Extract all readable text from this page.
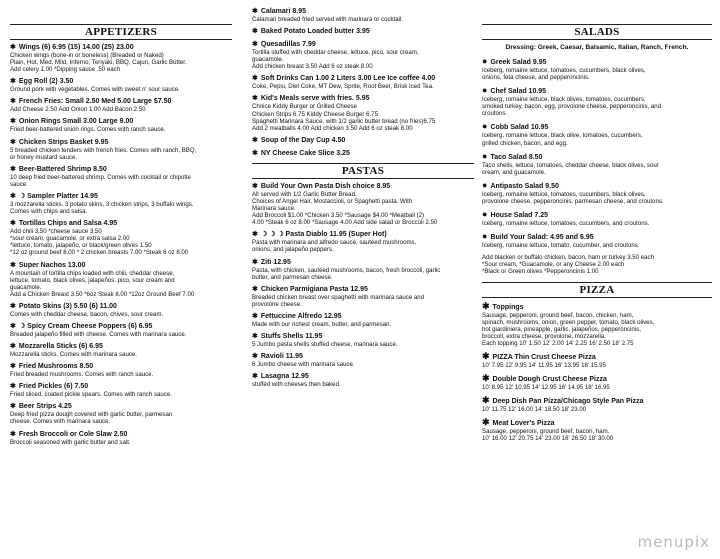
APPETIZERS
✱ Wings (6) 6.95 (15) 14.00 (25) 23.00
Chicken wings (bone-in or boneless) (Breaded or Naked)
Plain, Hot, Med, Mild, Inferno, Teriyaki, BBQ, Cajun, Garlic Butter.
Add celery 1.00 *Dipping sauce .50 each
✱ Egg Roll (2) 3.50
Ground pork with vegetables. Comes with sweet n' sour sauce.
✱ French Fries: Small 2.50 Med 5.00 Large $7.50
Add Cheese 2.50 Add Onion 1.00 Add Bacon 2.50
✱ Onion Rings Small 3.00 Large 9.00
Fried beer-battered onion rings. Comes with ranch sauce.
✱ Chicken Strips Basket 9.95
5 breaded chicken tenders with french fries. Comes with ranch, BBQ,
or honey mustard sauce.
✱ Beer-Battered Shrimp 8.50
10 deep fried beer-battered shrimp. Comes with cocktail or chipotle
sauce.
✱ ☽ Sampler Platter 14.95
3 mozzarella sticks, 3 potato skins, 3 chicken strips, 3 buffalo wings.
Comes with chips and salsa.
✱ Tortillas Chips and Salsa 4.95
Add chili 3.50 *cheese sauce 3.50
*sour cream, guacamole, or extra salsa 2.00
*lettuce, tomato, jalapeño, or black/green olives 1.50
*12 oz ground beef 8.00 * 2 chicken breasts 7.00 *Steak 6 oz 8.00
✱ Super Nachos 13.00
A mountain of tortilla chips loaded with chili, cheddar cheese,
lettuce, tomato, black olives, jalapeños, pico, sour cream and
guacamole.
Add a Chicken Breast 3.50 *6oz Steak 8.00 *12oz Ground Beef 7.00
✱ Potato Skins (3) 5.50 (6) 11.00
Comes with cheddar cheese, bacon, chives, sour cream.
✱ ☽ Spicy Cream Cheese Poppers (6) 6.95
Breaded jalapeño filled with cheese. Comes with marinara sauce.
✱ Mozzarella Sticks (6) 6.95
Mozzarella sticks. Comes with marinara sauce.
✱ Fried Mushrooms 8.50
Fried breaded mushrooms. Comes with ranch sauce.
✱ Fried Pickles (6) 7.50
Fried sliced, coated pickle spears. Comes with ranch sauce.
✱ Beer Strips 4.25
Deep fried pizza dough covered with garlic butter, parmesan
cheese. Comes with marinara sauce.
✱ Fresh Broccoli or Cole Slaw 2.50
Broccoli seasoned with garlic butter and salt.
✱ Calamari 8.95
Calamari breaded fried served with marinara or cocktail.
✱ Baked Potato Loaded butter 3.95
✱ Quesadillas 7.99
Tortilla stuffed with cheddar cheese, lettuce, pico, sour cream,
guacamole.
Add chicken breast 3.50 Add 6 oz steak 8.00
✱ Soft Drinks Can 1.00 2 Liters 3.00 Lee Ice coffee 4.00
Coke, Pepsi, Diet Coke, MT Dew, Sprite, Root Beer, Brisk Iced Tea.
✱ Kid's Meals serve with fries. 5.95
Choice Kiddy Burger or Grilled Cheese
Chicken Strips 6.75 Kiddy Cheese Burger 6.75
Spaghetti Marinara Sauce. with 1/2 garlic butter bread (no fries)6.75
Add 2 meatballs 4.00 Add chicken 3.50 Add 6 oz steak 8.00
✱ Soup of the Day Cup 4.50
✱ NY Cheese Cake Slice 3.25
PASTAS
✱ Build Your Own Pasta Dish choice 8.95
All served with 1/2 Garlic Butter Bread.
Choices of Angel Hair, Mostaccioli, or Spaghetti pasta. With
Marinara sauce.
Add Broccoli $1.00 *Chicken 3.50 *Sausage $4.00 *Meatball (2)
4.00 *Steak 6 oz 8.00 *Sausage 4.00 Add side salad or Broccoli 2.50
✱ ☽ ☽ ☽ Pasta Diablo 11.95 (Super Hot)
Pasta with marinara and alfredo sauce, sautéed mushrooms,
onions, and jalapeño peppers.
✱ Ziti 12.95
Pasta, with chicken, sautéed mushrooms, bacon, fresh broccoli, garlic
butter, and parmesan cheese.
✱ Chicken Parmigiana Pasta 12.95
Breaded chicken breast over spaghetti with marinara sauce and
provolone cheese.
✱ Fettuccine Alfredo 12.95
Made with our richest cream, butter, and parmesan.
✱ Stuffs Shells 11.95
5 Jumbo pasta shells stuffed cheese, marinara sauce.
✱ Ravioli 11.95
6 Jumbo cheese with marinara sauce.
✱ Lasagna 12.95
stuffed with cheeses then baked.
SALADS
Dressing: Greek, Caesar, Balsamic, Italian, Ranch, French.
● Greek Salad 9.95
Iceberg, romaine lettuce, tomatoes, cucumbers, black olives,
onions, feta cheese, and pepperoncinis.
● Chef Salad 10.95
Iceberg, romaine lettuce, black olives, tomatoes, cucumbers,
smoked turkey, bacon, egg, provolone cheese, pepperoncinis, and
croutons.
● Cobb Salad 10.95
Iceberg, romaine lettuce, black olive, tomatoes, cucumbers,
grilled chicken, bacon, and egg.
● Taco Salad 8.50
Taco shells, lettuce, tomatoes, cheddar cheese, black olives, sour
cream, and guacamole.
● Antipasto Salad 9.50
Iceberg, romaine lettuce, tomatoes, cucumbers, black olives,
provolone cheese, pepperoncinis, parmesan cheese, and croutons.
● House Salad 7.25
Iceberg, romaine lettuce, tomatoes, cucumbers, and croutons.
● Build Your Salad: 4.95 and 6.95
Iceberg, romaine lettuce, tomato, cucumber, and croutons.
Add blacken or buffalo chicken, bacon, ham or turkey 3.50 each
*Sour cream, *Guacamole, or any Cheese 2.00 each
*Black or Green olives *Pepperoncinis 1.00
PIZZA
✱ Toppings
Sausage, pepperoni, ground beef, bacon, chicken, ham,
spinach, mushrooms, onion, green pepper, tomato, black olives,
hot giardiniera, pineapple, garlic, jalapeños, pepperoncinis,
broccoli, extra cheese, provolone, mozzarella.
Each topping 10' 1.50 12' 2.00 14' 2.25 16' 2.50 18' 2.75
✱ PIZZA Thin Crust Cheese Pizza
10' 7.95 12' 9.95 14' 11.95 16' 13.95 18' 15.95
✱ Double Dough Crust Cheese Pizza
10' 8.95 12' 10.95 14' 12.95 16' 14.95 18' 16.95
✱ Deep Dish Pan Pizza/Chicago Style Pan Pizza
10' 11.75 12' 16.00 14' 18.50 18' 23.00
✱ Meat Lover's Pizza
Sausage, pepperoni, ground beef, bacon, ham.
10' 16.00 12' 20.75 14' 23.00 16' 26.50 18' 30.00
menupix
